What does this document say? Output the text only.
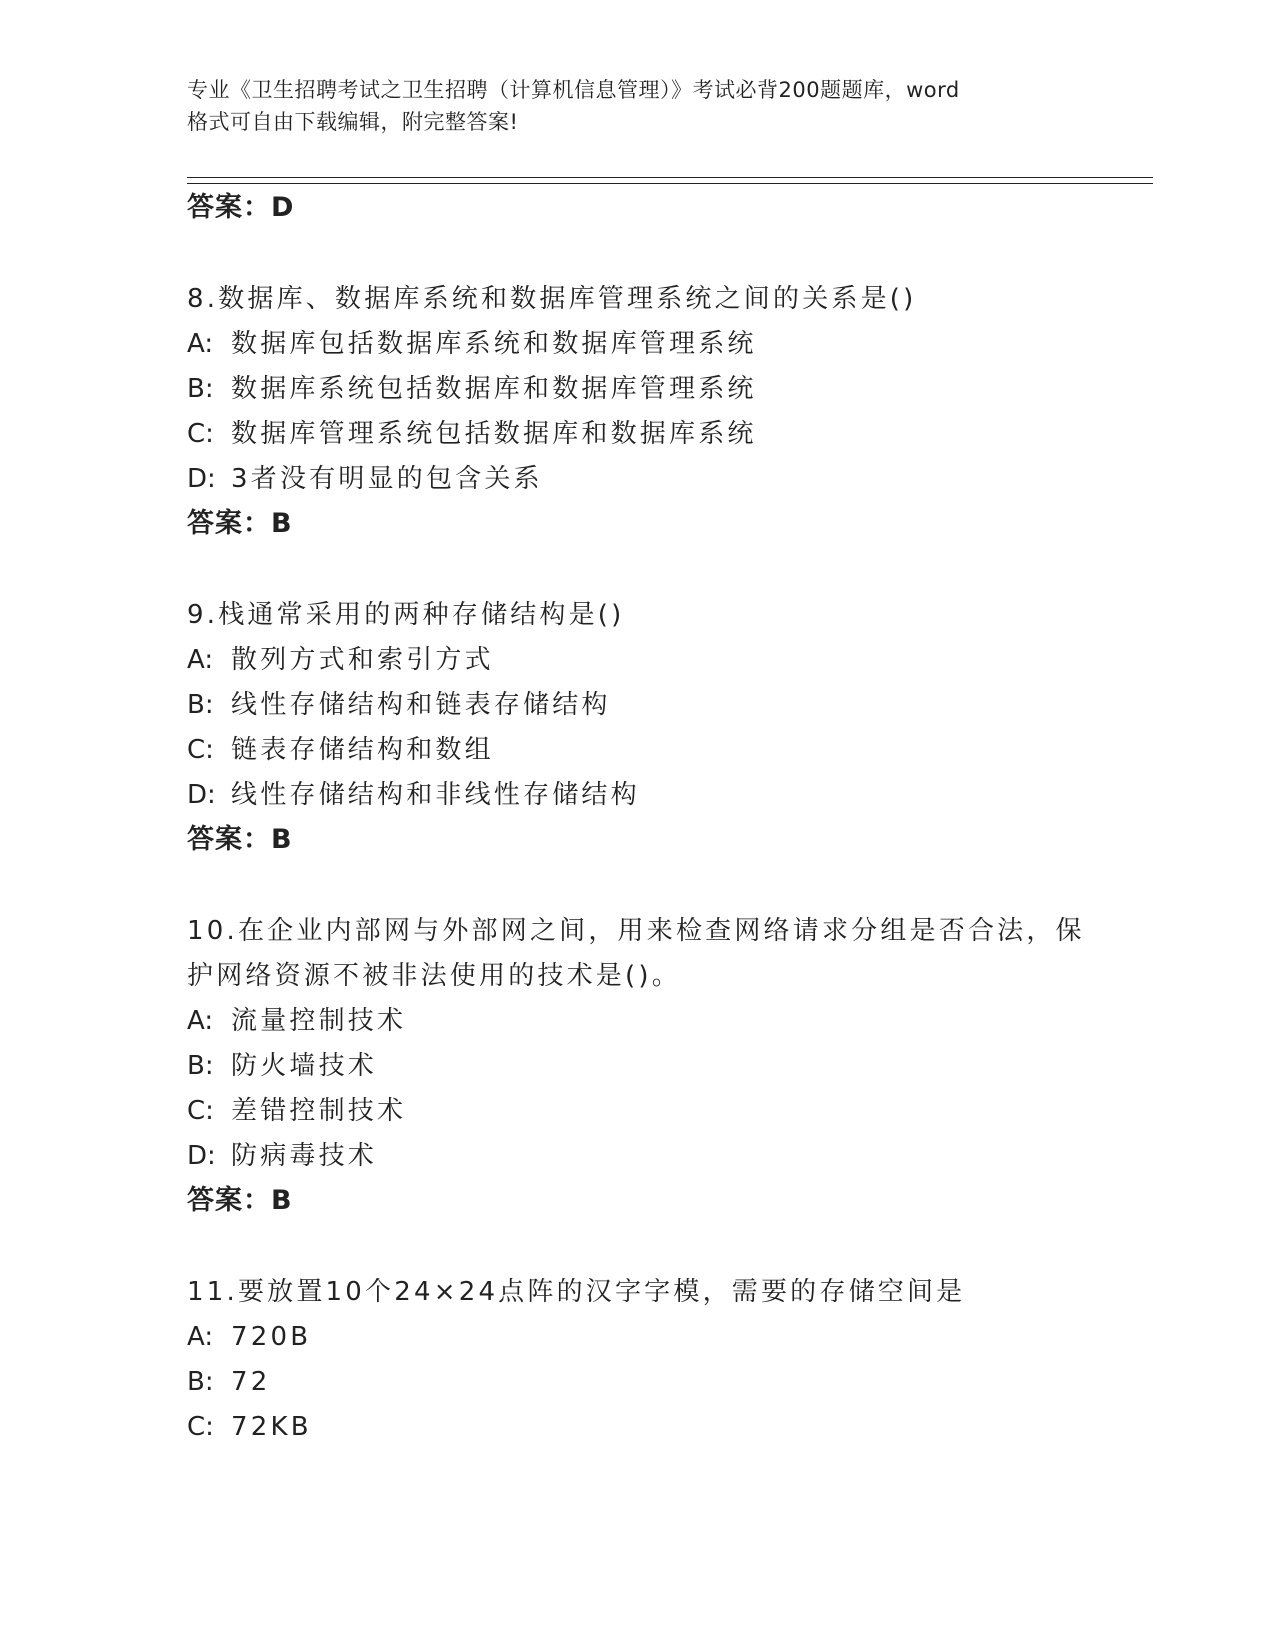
专业《卫生招聘考试之卫生招聘（计算机信息管理）》考试必背200题题库，word
格式可自由下载编辑，附完整答案!
答案：D
8.数据库、数据库系统和数据库管理系统之间的关系是()
A: 数据库包括数据库系统和数据库管理系统
B: 数据库系统包括数据库和数据库管理系统
C: 数据库管理系统包括数据库和数据库系统
D: 3者没有明显的包含关系
答案：B
9.栈通常采用的两种存储结构是()
A: 散列方式和索引方式
B: 线性存储结构和链表存储结构
C: 链表存储结构和数组
D: 线性存储结构和非线性存储结构
答案：B
10.在企业内部网与外部网之间，用来检查网络请求分组是否合法，保
护网络资源不被非法使用的技术是()。
A: 流量控制技术
B: 防火墙技术
C: 差错控制技术
D: 防病毒技术
答案：B
11.要放置10个24×24点阵的汉字字模，需要的存储空间是
A: 720B
B: 72
C: 72KB
